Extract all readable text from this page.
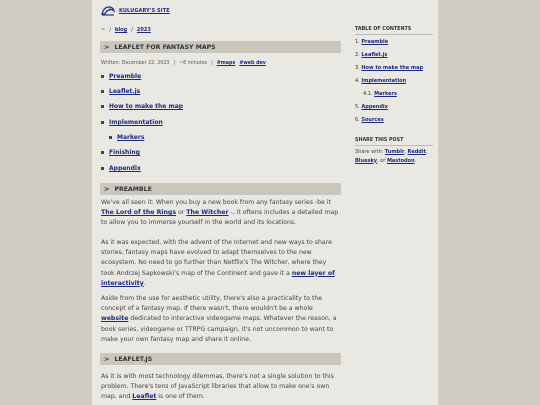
KULUGARY'S SITE
~ / blog / 2023
> LEAFLET FOR FANTASY MAPS
Written: December 22, 2023 | ~6 minutes | #maps #web dev
Preamble
Leaflet.js
How to make the map
Implementation
Markers
Finishing
Appendix
> PREAMBLE

We've all seen it: When you buy a new book from any fantasy series -be it The Lord of the Rings or The Witcher -, it oftens includes a detailed map to allow you to immerse yourself in the world and its locations.

As it was expected, with the advent of the Internet and new ways to share stories, fantasy maps have evolved to adapt themselves to the new ecosystem. No need to go further than Netflix's The Witcher, where they took Andrzej Sapkowski's map of the Continent and gave it a new layer of interactivity.

Aside from the use for aesthetic utility, there's also a practicality to the concept of a fantasy map. If there wasn't, there wouldn't be a whole website dedicated to interactive videogame maps. Whatever the reason, a book series, videogame or TTRPG campaign, it's not uncommon to want to make your own fantasy map and share it online.

> LEAFLET.JS

As it is with most technology dilemmas, there's not a single solution to this problem. There's tens of JavaScript libraries that allow to make one's own map, and Leaflet is one of them.

TABLE OF CONTENTS
1. Preamble
2. Leaflet.js
3. How to make the map
4. Implementation
4.1. Markers
5. Appendix
6. Sources
SHARE THIS POST
Share with: Tumblr, Reddit, Bluesky, or Mastodon.
